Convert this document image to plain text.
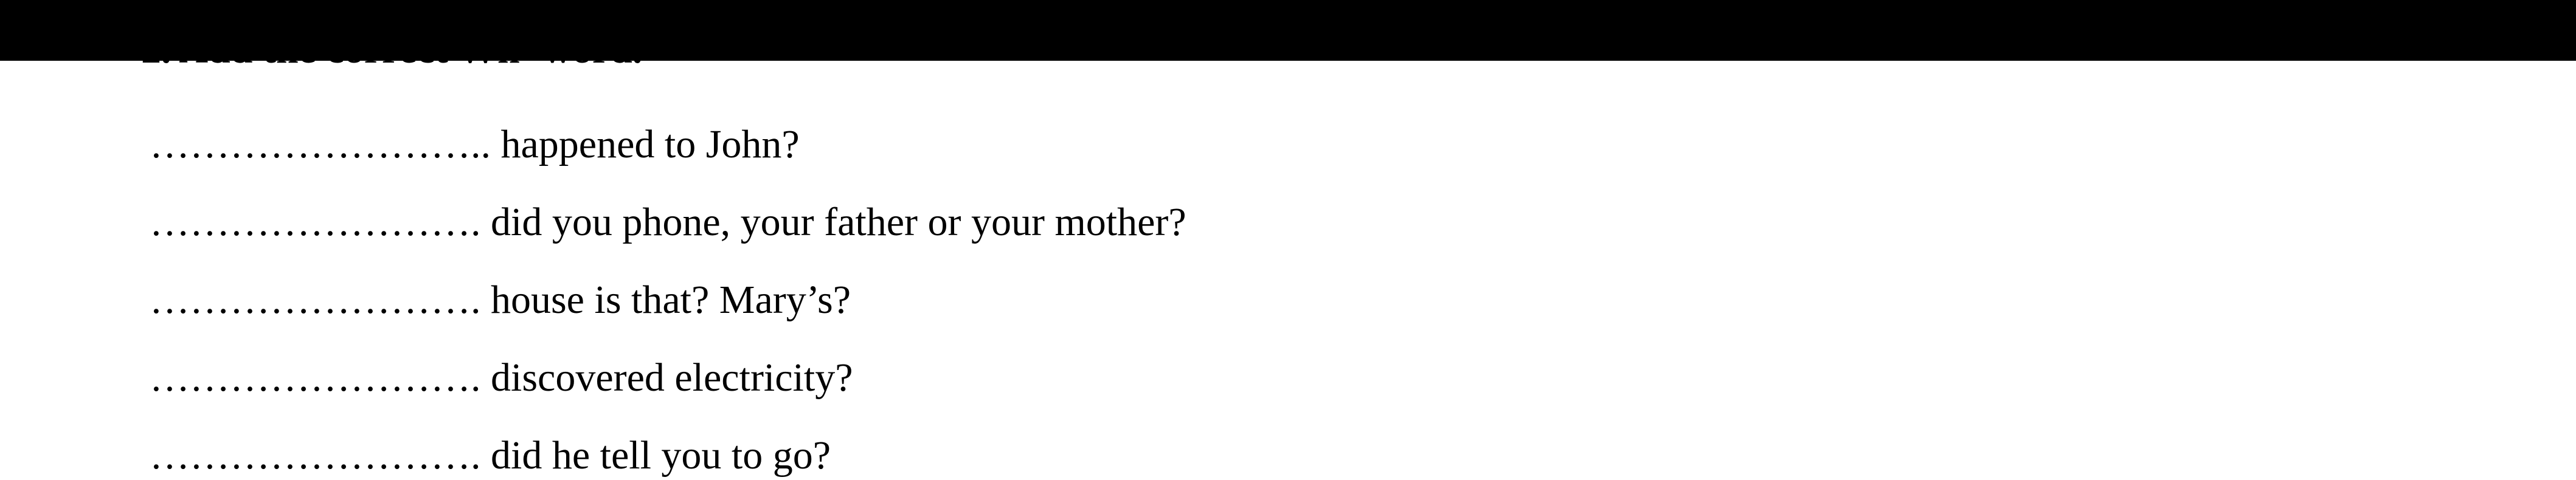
2. Add the correct Wh- word.
…………………….. happened to John?
……………………. did you phone, your father or your mother?
……………………. house is that? Mary’s?
……………………. discovered electricity?
……………………. did he tell you to go?
